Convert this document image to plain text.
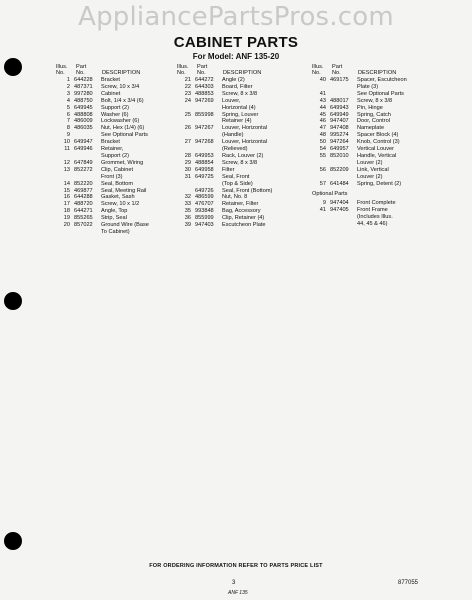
AppliancePartsPros.com
CABINET PARTS
For Model: ANF 135-20
Illus.
No.
Part
No.
	DESCRIPTION
1 644228	Bracket
2 487371	Screw, 10 x 3/4
3 997280	Cabinet
4 488750	Bolt, 1/4 x 3/4 (6)
5 649945	Support (2)
6 488808	Washer (6)
7 486009	Lockwasher (6)
8 486035	Nut, Hex (1/4) (6)
9	See Optional Parts
10 649947	Bracket
11 649946	Retainer,
Support (2)
12 647849	Grommet, Wiring
13 852272	Clip, Cabinet
Front (3)
14 852220	Seal, Bottom
15 469877	Seal, Meeting Rail
16 644288	Gasket, Sash
17 488720	Screw, 10 x 1/2
18 644271	Angle, Top
19 855265	Strip, Seal
20 857022	Ground Wire (Base
To Cabinet)
Illus.
No.
Part
No.
	DESCRIPTION
21 644272	Angle (2)
22 644303	Board, Filter
23 488853	Screw, 8 x 3/8
24 947269	Louver,
Horizontal (4)
25 855998	Spring, Louver
Retainer (4)
26 947267	Louver, Horizontal
(Handle)
27 947268	Louver, Horizontal
(Relieved)
28 649953	Rack, Louver (2)
29 488854	Screw, 8 x 3/8
30 649958	Filter
31 649725	Seal, Front
(Top & Side)
649726	Seal, Front (Bottom)
32 486599	Nut, No. 8
33 476707	Retainer, Filter
35 993848	Bag, Accessory
36 855999	Clip, Retainer (4)
39 947403	Escutcheon Plate
Illus.
No.
Part
No.
	DESCRIPTION
40 469175	Spacer, Escutcheon
Plate (3)
41	See Optional Parts
43 488017	Screw, 8 x 3/8
44 649943	Pin, Hinge
45 649949	Spring, Catch
46 947407	Door, Control
47 947408	Nameplate
48 995274	Spacer Block (4)
50 947264	Knob, Control (3)
54 649957	Vertical Louver
55 852010	Handle, Vertical
Louver (2)
56 852209	Link, Vertical
Louver (2)
57 641484	Spring, Detent (2)
Optional Parts
9 947404	Front Complete
41 947405	Front Frame
(Includes Illus.
44, 45 & 46)
FOR ORDERING INFORMATION REFER TO PARTS PRICE LIST
3	877055
ANF 135
